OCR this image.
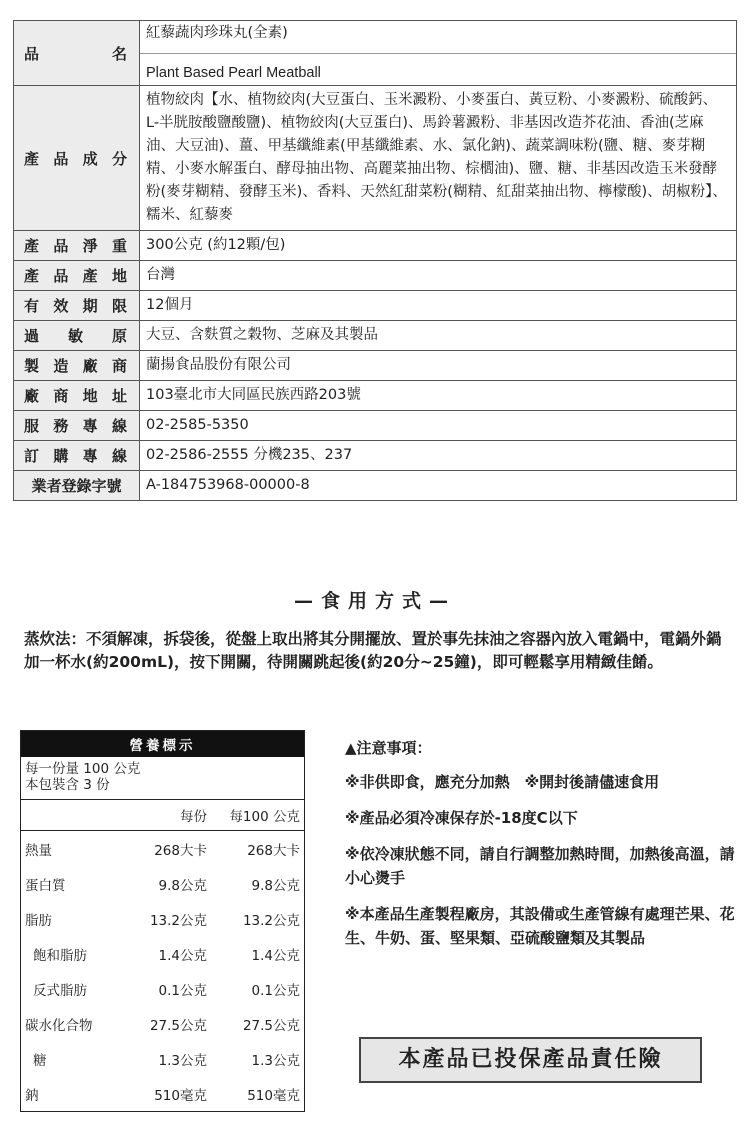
品　名	紅藜蔬肉珍珠丸(全素)
Plant Based Pearl Meatball

產品成分	植物絞肉【水、植物絞肉(大豆蛋白、玉米澱粉、小麥蛋白、黃豆粉、小麥澱粉、硫酸鈣、L-半胱胺酸鹽酸鹽)、植物絞肉(大豆蛋白)、馬鈴薯澱粉、非基因改造芥花油、香油(芝麻油、大豆油)、薑、甲基纖維素(甲基纖維素、水、氯化鈉)、蔬菜調味粉(鹽、糖、麥芽糊精、小麥水解蛋白、酵母抽出物、高麗菜抽出物、棕櫚油)、鹽、糖、非基因改造玉米發酵粉(麥芽糊精、發酵玉米)、香料、天然紅甜菜粉(糊精、紅甜菜抽出物、檸檬酸)、胡椒粉】、糯米、紅藜麥
產品淨重	300公克 (約12顆/包)
產品產地	台灣
有效期限	12個月
過敏原	大豆、含麩質之穀物、芝麻及其製品
製造廠商	蘭揚食品股份有限公司
廠商地址	103臺北市大同區民族西路203號
服務專線	02-2585-5350
訂購專線	02-2586-2555 分機235、237
業者登錄字號	A-184753968-00000-8
—食用方式—
蒸炊法：不須解凍，拆袋後，從盤上取出將其分開擺放、置於事先抹油之容器內放入電鍋中，電鍋外鍋加一杯水(約200mL)，按下開關，待開關跳起後(約20分~25鐘)，即可輕鬆享用精緻佳餚。
營養標示
每一份量 100 公克
本包裝含 3 份
	每份	每100 公克
熱量	268大卡	268大卡
蛋白質	9.8公克	9.8公克
脂肪	13.2公克	13.2公克
飽和脂肪	1.4公克	1.4公克
反式脂肪	0.1公克	0.1公克
碳水化合物	27.5公克	27.5公克
糖	1.3公克	1.3公克
鈉	510毫克	510毫克
▲注意事項：
※非供即食，應充分加熱　※開封後請儘速食用
※產品必須冷凍保存於-18度C以下
※依冷凍狀態不同，請自行調整加熱時間，加熱後高溫，請小心燙手
※本產品生產製程廠房，其設備或生產管線有處理芒果、花生、牛奶、蛋、堅果類、亞硫酸鹽類及其製品
本產品已投保產品責任險
